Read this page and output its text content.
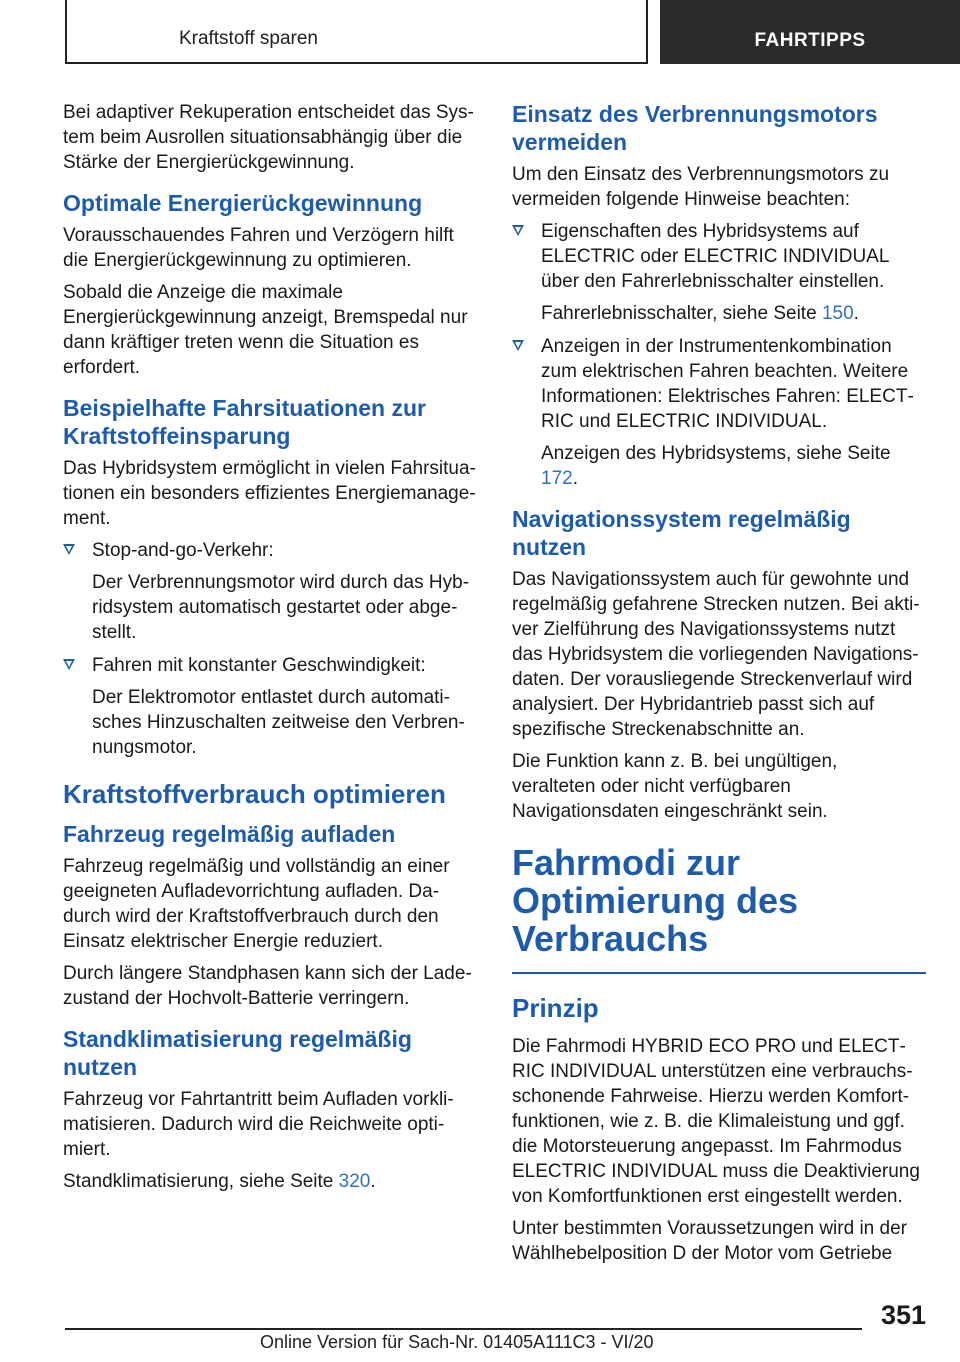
Kraftstoff sparen	FAHRTIPPS

Bei adaptiver Rekuperation entscheidet das System beim Ausrollen situationsabhängig über die Stärke der Energierückgewinnung.

Optimale Energierückgewinnung

Vorausschauendes Fahren und Verzögern hilft die Energierückgewinnung zu optimieren.

Sobald die Anzeige die maximale Energierückgewinnung anzeigt, Bremspedal nur dann kräftiger treten wenn die Situation es erfordert.

Beispielhafte Fahrsituationen zur Kraftstoffeinsparung

Das Hybridsystem ermöglicht in vielen Fahrsituationen ein besonders effizientes Energiemanagement.

Stop-and-go-Verkehr:

Der Verbrennungsmotor wird durch das Hybridsystem automatisch gestartet oder abgestellt.

Fahren mit konstanter Geschwindigkeit:

Der Elektromotor entlastet durch automatisches Hinzuschalten zeitweise den Verbrennungsmotor.

Kraftstoffverbrauch optimieren
Fahrzeug regelmäßig aufladen

Fahrzeug regelmäßig und vollständig an einer geeigneten Aufladevorrichtung aufladen. Dadurch wird der Kraftstoffverbrauch durch den Einsatz elektrischer Energie reduziert.

Durch längere Standphasen kann sich der Ladezustand der Hochvolt-Batterie verringern.

Standklimatisierung regelmäßig nutzen

Fahrzeug vor Fahrtantritt beim Aufladen vorklimatisieren. Dadurch wird die Reichweite optimiert.

Standklimatisierung, siehe Seite 320.

Einsatz des Verbrennungsmotors vermeiden

Um den Einsatz des Verbrennungsmotors zu vermeiden folgende Hinweise beachten:

Eigenschaften des Hybridsystems auf ELECTRIC oder ELECTRIC INDIVIDUAL über den Fahrerlebnisschalter einstellen.

Fahrerlebnisschalter, siehe Seite 150.

Anzeigen in der Instrumentenkombination zum elektrischen Fahren beachten. Weitere Informationen: Elektrisches Fahren: ELECTRIC und ELECTRIC INDIVIDUAL.

Anzeigen des Hybridsystems, siehe Seite 172.

Navigationssystem regelmäßig nutzen

Das Navigationssystem auch für gewohnte und regelmäßig gefahrene Strecken nutzen. Bei aktiver Zielführung des Navigationssystems nutzt das Hybridsystem die vorliegenden Navigationsdaten. Der vorausliegende Streckenverlauf wird analysiert. Der Hybridantrieb passt sich auf spezifische Streckenabschnitte an.

Die Funktion kann z. B. bei ungültigen, veralteten oder nicht verfügbaren Navigationsdaten eingeschränkt sein.

Fahrmodi zur Optimierung des Verbrauchs
Prinzip

Die Fahrmodi HYBRID ECO PRO und ELECTRIC INDIVIDUAL unterstützen eine verbrauchsschonende Fahrweise. Hierzu werden Komfortfunktionen, wie z. B. die Klimaleistung und ggf. die Motorsteuerung angepasst. Im Fahrmodus ELECTRIC INDIVIDUAL muss die Deaktivierung von Komfortfunktionen erst eingestellt werden.

Unter bestimmten Voraussetzungen wird in der Wählhebelposition D der Motor vom Getriebe

351
Online Version für Sach-Nr. 01405A111C3 - VI/20
